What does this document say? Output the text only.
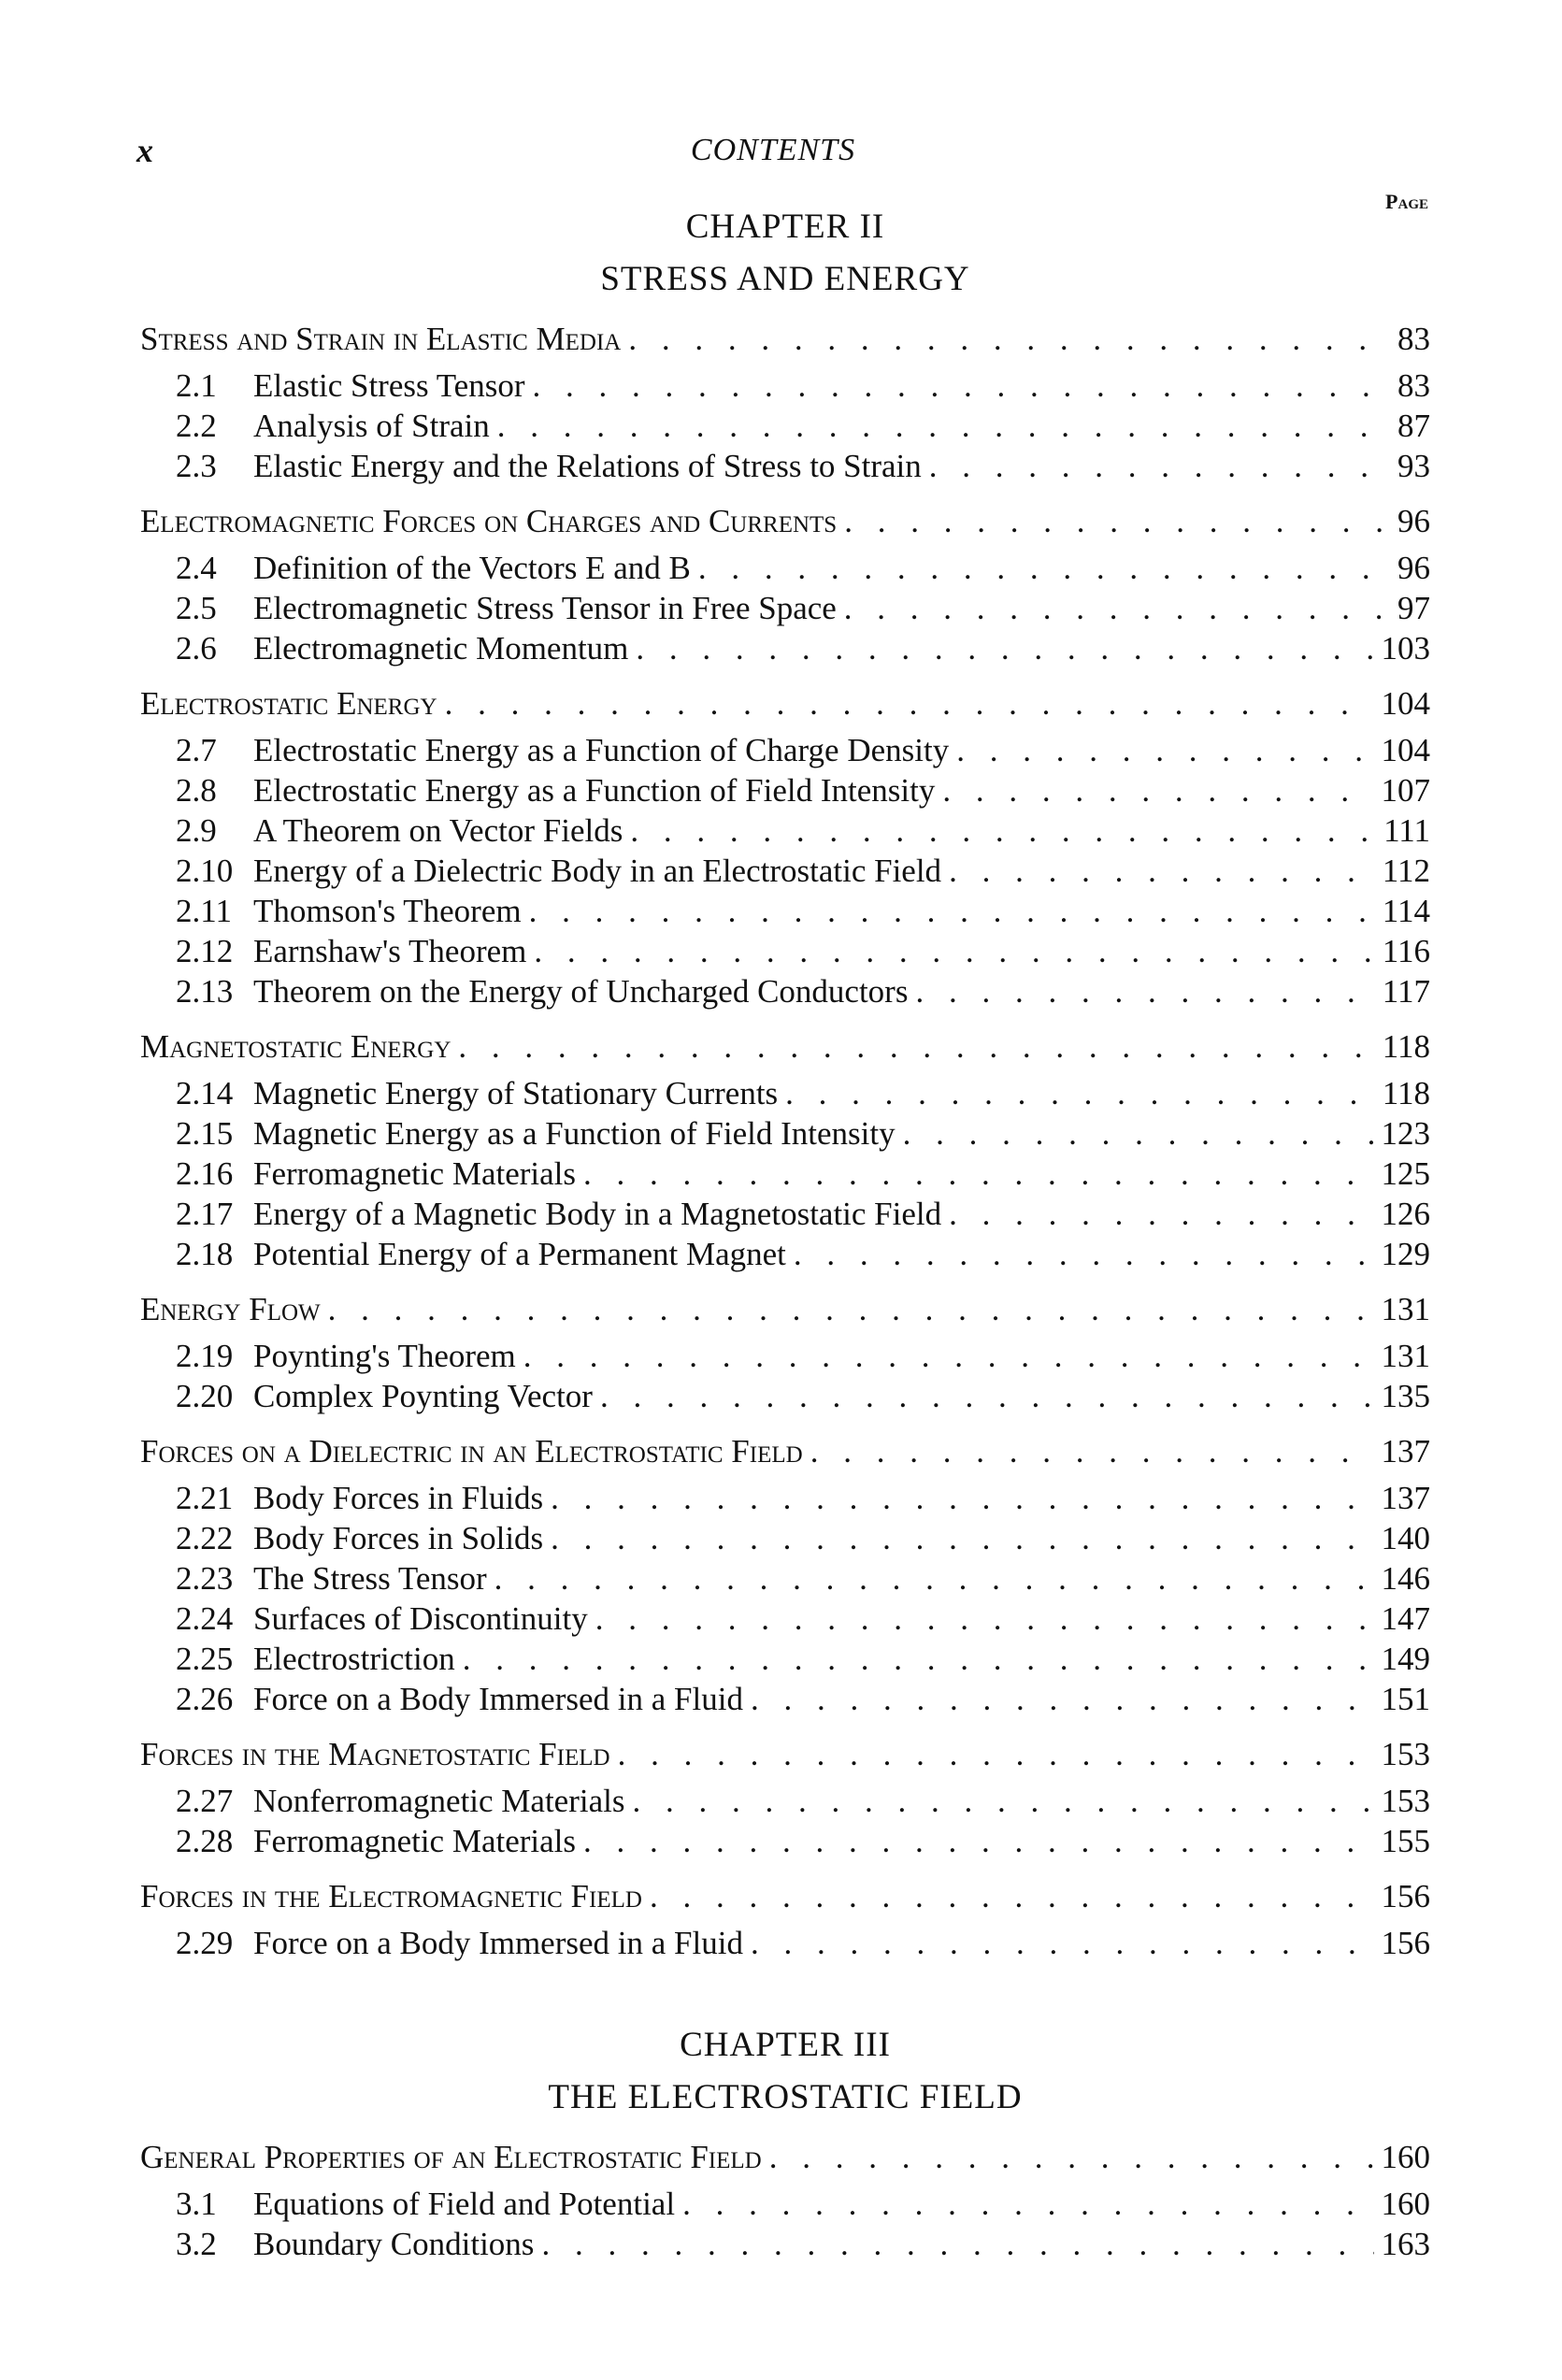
x	CONTENTS
Page
CHAPTER II
STRESS AND ENERGY
Stress and Strain in Elastic Media . . .	83
2.1	Elastic Stress Tensor . . .	83
2.2	Analysis of Strain . . .	87
2.3	Elastic Energy and the Relations of Stress to Strain . . .	93
Electromagnetic Forces on Charges and Currents . . .	96
2.4	Definition of the Vectors E and B . . .	96
2.5	Electromagnetic Stress Tensor in Free Space . . .	97
2.6	Electromagnetic Momentum . . .	103
Electrostatic Energy . . .	104
2.7	Electrostatic Energy as a Function of Charge Density . . .	104
2.8	Electrostatic Energy as a Function of Field Intensity . . .	107
2.9	A Theorem on Vector Fields . . .	111
2.10 Energy of a Dielectric Body in an Electrostatic Field . . .	112
2.11 Thomson's Theorem . . .	114
2.12 Earnshaw's Theorem . . .	116
2.13 Theorem on the Energy of Uncharged Conductors . . .	117
Magnetostatic Energy . . .	118
2.14 Magnetic Energy of Stationary Currents . . .	118
2.15 Magnetic Energy as a Function of Field Intensity . . .	123
2.16 Ferromagnetic Materials . . .	125
2.17 Energy of a Magnetic Body in a Magnetostatic Field . . .	126
2.18 Potential Energy of a Permanent Magnet . . .	129
Energy Flow . . .	131
2.19 Poynting's Theorem . . .	131
2.20 Complex Poynting Vector . . .	135
Forces on a Dielectric in an Electrostatic Field . . .	137
2.21 Body Forces in Fluids . . .	137
2.22 Body Forces in Solids . . .	140
2.23 The Stress Tensor . . .	146
2.24 Surfaces of Discontinuity . . .	147
2.25 Electrostriction . . .	149
2.26 Force on a Body Immersed in a Fluid . . .	151
Forces in the Magnetostatic Field . . .	153
2.27 Nonferromagnetic Materials . . .	153
2.28 Ferromagnetic Materials . . .	155
Forces in the Electromagnetic Field . . .	156
2.29 Force on a Body Immersed in a Fluid . . .	156
CHAPTER III
THE ELECTROSTATIC FIELD
General Properties of an Electrostatic Field . . .	160
3.1	Equations of Field and Potential . . .	160
3.2	Boundary Conditions . . .	163
